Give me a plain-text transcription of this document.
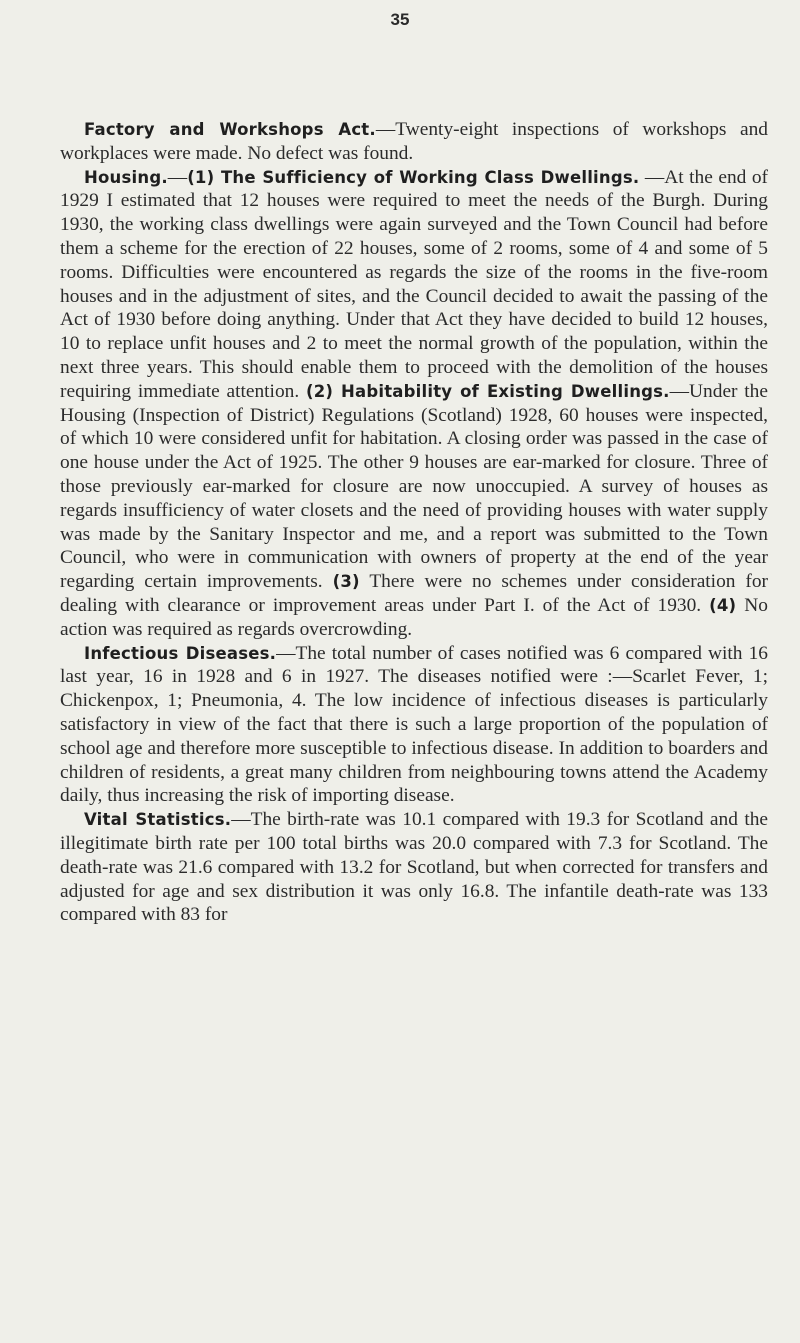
35

Factory and Workshops Act.—Twenty-eight inspections of workshops and workplaces were made. No defect was found.

Housing.—(1) The Sufficiency of Working Class Dwellings. —At the end of 1929 I estimated that 12 houses were required to meet the needs of the Burgh. During 1930, the working class dwellings were again surveyed and the Town Council had before them a scheme for the erection of 22 houses, some of 2 rooms, some of 4 and some of 5 rooms. Difficulties were encountered as regards the size of the rooms in the five-room houses and in the adjustment of sites, and the Council decided to await the passing of the Act of 1930 before doing anything. Under that Act they have decided to build 12 houses, 10 to replace unfit houses and 2 to meet the normal growth of the population, within the next three years. This should enable them to proceed with the demolition of the houses requiring immediate attention. (2) Habitability of Existing Dwellings.—Under the Housing (Inspection of District) Regulations (Scotland) 1928, 60 houses were inspected, of which 10 were considered unfit for habitation. A closing order was passed in the case of one house under the Act of 1925. The other 9 houses are ear-marked for closure. Three of those previously ear-marked for closure are now unoccupied. A survey of houses as regards insufficiency of water closets and the need of providing houses with water supply was made by the Sanitary Inspector and me, and a report was submitted to the Town Council, who were in communication with owners of property at the end of the year regarding certain improvements. (3) There were no schemes under consideration for dealing with clearance or improvement areas under Part I. of the Act of 1930. (4) No action was required as regards overcrowding.

Infectious Diseases.—The total number of cases notified was 6 compared with 16 last year, 16 in 1928 and 6 in 1927. The diseases notified were :—Scarlet Fever, 1; Chickenpox, 1; Pneumonia, 4. The low incidence of infectious diseases is particularly satisfactory in view of the fact that there is such a large proportion of the population of school age and therefore more susceptible to infectious disease. In addition to boarders and children of residents, a great many children from neighbouring towns attend the Academy daily, thus increasing the risk of importing disease.

Vital Statistics.—The birth-rate was 10.1 compared with 19.3 for Scotland and the illegitimate birth rate per 100 total births was 20.0 compared with 7.3 for Scotland. The death-rate was 21.6 compared with 13.2 for Scotland, but when corrected for transfers and adjusted for age and sex distribution it was only 16.8. The infantile death-rate was 133 compared with 83 for
